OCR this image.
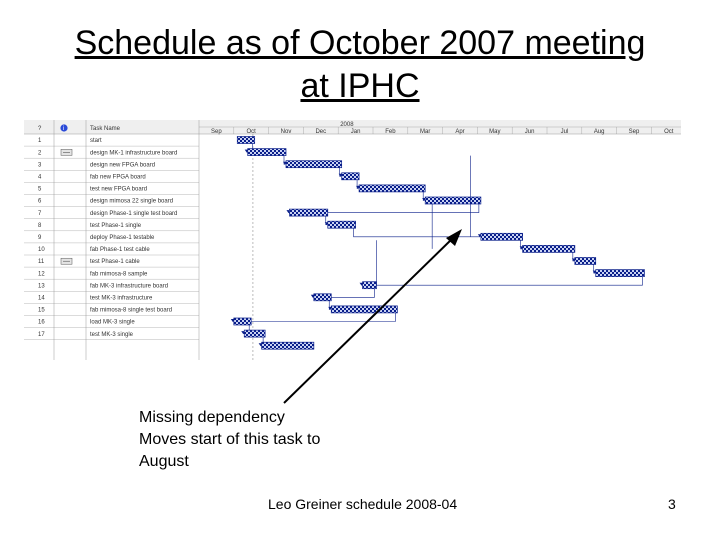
Schedule as of October 2007 meeting
at IPHC
?	i	Task Name
1	start
2	design MK-1 infrastructure board
3	design new FPGA board
4	fab new FPGA board
5	test new FPGA board
6	design mimosa 22 single board
7	design Phase-1 single test board
8	test Phase-1 single
9	deploy Phase-1 testable
10	fab Phase-1 test cable
11	test Phase-1 cable
12	fab mimosa-8 sample
13	fab MK-3 infrastructure board
14	test MK-3 infrastructure
15	fab mimosa-8 single test board
16	load MK-3 single
17	test MK-3 single
2008
Sep	Oct	Nov	Dec	Jan	Feb	Mar	Apr	May	Jun	Jul	Aug	Sep	Oct
Missing dependency
Moves start of this task to
August
Leo Greiner schedule 2008-04	3
